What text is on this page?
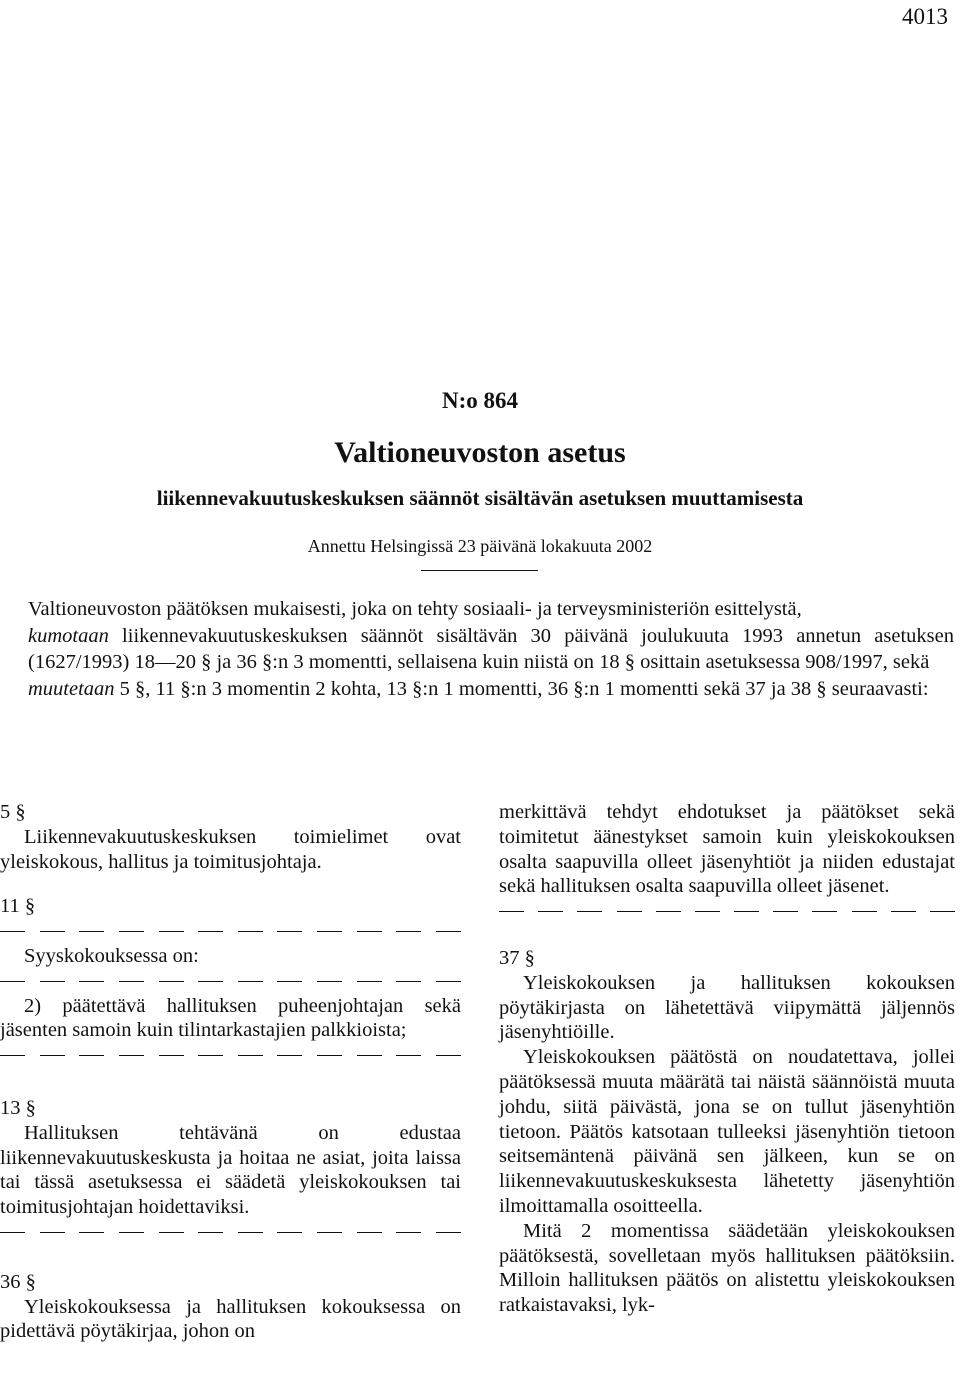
4013
N:o 864
Valtioneuvoston asetus
liikennevakuutuskeskuksen säännöt sisältävän asetuksen muuttamisesta
Annettu Helsingissä 23 päivänä lokakuuta 2002

Valtioneuvoston päätöksen mukaisesti, joka on tehty sosiaali- ja terveysministeriön esittelystä,

kumotaan liikennevakuutuskeskuksen säännöt sisältävän 30 päivänä joulukuuta 1993 annetun asetuksen (1627/1993) 18—20 § ja 36 §:n 3 momentti, sellaisena kuin niistä on 18 § osittain asetuksessa 908/1997, sekä

muutetaan 5 §, 11 §:n 3 momentin 2 kohta, 13 §:n 1 momentti, 36 §:n 1 momentti sekä 37 ja 38 § seuraavasti:

5 §

Liikennevakuutuskeskuksen toimielimet ovat yleiskokous, hallitus ja toimitusjohtaja.

11 §

Syyskokouksessa on:

2) päätettävä hallituksen puheenjohtajan sekä jäsenten samoin kuin tilintarkastajien palkkioista;

13 §

Hallituksen tehtävänä on edustaa liikennevakuutuskeskusta ja hoitaa ne asiat, joita laissa tai tässä asetuksessa ei säädetä yleiskokouksen tai toimitusjohtajan hoidettaviksi.

36 §

Yleiskokouksessa ja hallituksen kokouksessa on pidettävä pöytäkirjaa, johon on

merkittävä tehdyt ehdotukset ja päätökset sekä toimitetut äänestykset samoin kuin yleiskokouksen osalta saapuvilla olleet jäsenyhtiöt ja niiden edustajat sekä hallituksen osalta saapuvilla olleet jäsenet.

37 §

Yleiskokouksen ja hallituksen kokouksen pöytäkirjasta on lähetettävä viipymättä jäljennös jäsenyhtiöille.

Yleiskokouksen päätöstä on noudatettava, jollei päätöksessä muuta määrätä tai näistä säännöistä muuta johdu, siitä päivästä, jona se on tullut jäsenyhtiön tietoon. Päätös katsotaan tulleeksi jäsenyhtiön tietoon seitsemäntenä päivänä sen jälkeen, kun se on liikennevakuutuskeskuksesta lähetetty jäsenyhtiön ilmoittamalla osoitteella.

Mitä 2 momentissa säädetään yleiskokouksen päätöksestä, sovelletaan myös hallituksen päätöksiin. Milloin hallituksen päätös on alistettu yleiskokouksen ratkaistavaksi, lyk-
